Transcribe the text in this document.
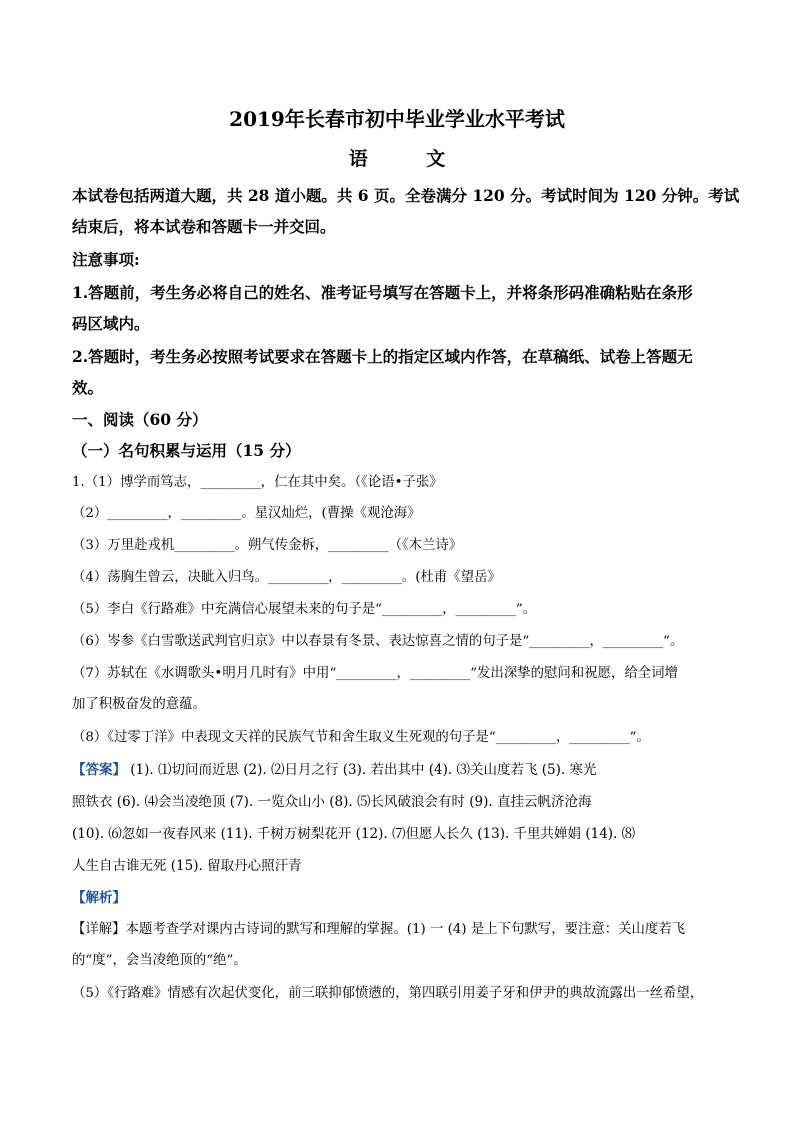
2019年长春市初中毕业学业水平考试
语 文
本试卷包括两道大题，共 28 道小题。共 6 页。全卷满分 120 分。考试时间为 120 分钟。考试
结束后，将本试卷和答题卡一并交回。
注意事项:
1.答题前，考生务必将自己的姓名、准考证号填写在答题卡上，并将条形码准确粘贴在条形
码区域内。
2.答题时，考生务必按照考试要求在答题卡上的指定区域内作答，在草稿纸、试卷上答题无
效。
一、阅读（60 分）
（一）名句积累与运用（15 分）
1.（1）博学而笃志，_________，仁在其中矣。（《论语•子张》
（2）_________，_________。星汉灿烂，(曹操《观沧海》
（3）万里赴戎机_________。朔气传金柝，_________（《木兰诗》
（4）荡胸生曾云，决眦入归鸟。_________，_________。(杜甫《望岳》
（5）李白《行路难》中充满信心展望未来的句子是“_________，_________”。
（6）岑参《白雪歌送武判官归京》中以春景有冬景、表达惊喜之情的句子是“_________，_________”。
（7）苏轼在《水调歌头•明月几时有》中用“_________，_________”发出深挚的慰问和祝愿，给全词增
加了积极奋发的意蕴。
（8）《过零丁洋》中表现文天祥的民族气节和舍生取义生死观的句子是“_________，_________”。
【答案】 (1). ⑴切问而近思 (2). ⑵日月之行 (3). 若出其中 (4). ⑶关山度若飞 (5). 寒光
照铁衣 (6). ⑷会当凌绝顶 (7). 一览众山小 (8). ⑸长风破浪会有时 (9). 直挂云帆济沧海
(10). ⑹忽如一夜春风来 (11). 千树万树梨花开 (12). ⑺但愿人长久 (13). 千里共婵娟 (14). ⑻
人生自古谁无死 (15). 留取丹心照汗青
【解析】
【详解】本题考查学对课内古诗词的默写和理解的掌握。(1) 一 (4) 是上下句默写，要注意：关山度若飞
的“度”，会当凌绝顶的“绝”。
（5）《行路难》情感有次起伏变化，前三联抑郁愤懑的，第四联引用姜子牙和伊尹的典故流露出一丝希望，
